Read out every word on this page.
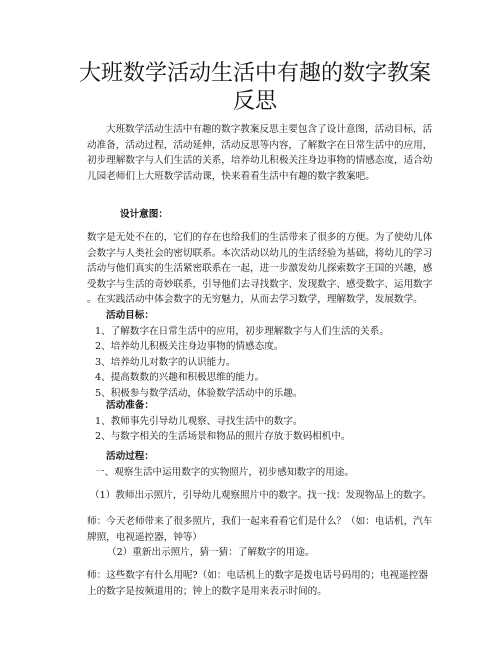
大班数学活动生活中有趣的数字教案
反思
大班数学活动生活中有趣的数字教案反思主要包含了设计意图，活动目标，活
动准备，活动过程，活动延伸，活动反思等内容，了解数字在日常生活中的应用，
初步理解数字与人们生活的关系，培养幼儿积极关注身边事物的情感态度，适合幼
儿园老师们上大班数学活动课，快来看看生活中有趣的数字教案吧。
设计意图：
数字是无处不在的，它们的存在也给我们的生活带来了很多的方便。为了使幼儿体
会数字与人类社会的密切联系。本次活动以幼儿的生活经验为基础，将幼儿的学习
活动与他们真实的生活紧密联系在一起，进一步激发幼儿探索数字王国的兴趣，感
受数字与生活的奇妙联系，引导他们去寻找数字、发现数字、感受数字、运用数字
。在实践活动中体会数字的无穷魅力，从而去学习数学，理解数学，发展数学。
活动目标：
1、了解数字在日常生活中的应用，初步理解数字与人们生活的关系。
2、培养幼儿积极关注身边事物的情感态度。
3、培养幼儿对数字的认识能力。
4、提高数数的兴趣和积极思维的能力。
5、积极参与数学活动，体验数学活动中的乐趣。
活动准备：
1、教师事先引导幼儿观察、寻找生活中的数字。
2、与数字相关的生活场景和物品的照片存放于数码相机中。
活动过程：
一、观察生活中运用数字的实物照片，初步感知数字的用途。
（1）教师出示照片，引导幼儿观察照片中的数字。找一找：发现物品上的数字。
师：今天老师带来了很多照片，我们一起来看看它们是什么？（如：电话机，汽车
牌照，电视遥控器，钟等）
（2）重新出示照片，猜一猜：了解数字的用途。
师：这些数字有什么用呢?（如：电话机上的数字是拨电话号码用的；电视遥控器
上的数字是按频道用的；钟上的数字是用来表示时间的。
